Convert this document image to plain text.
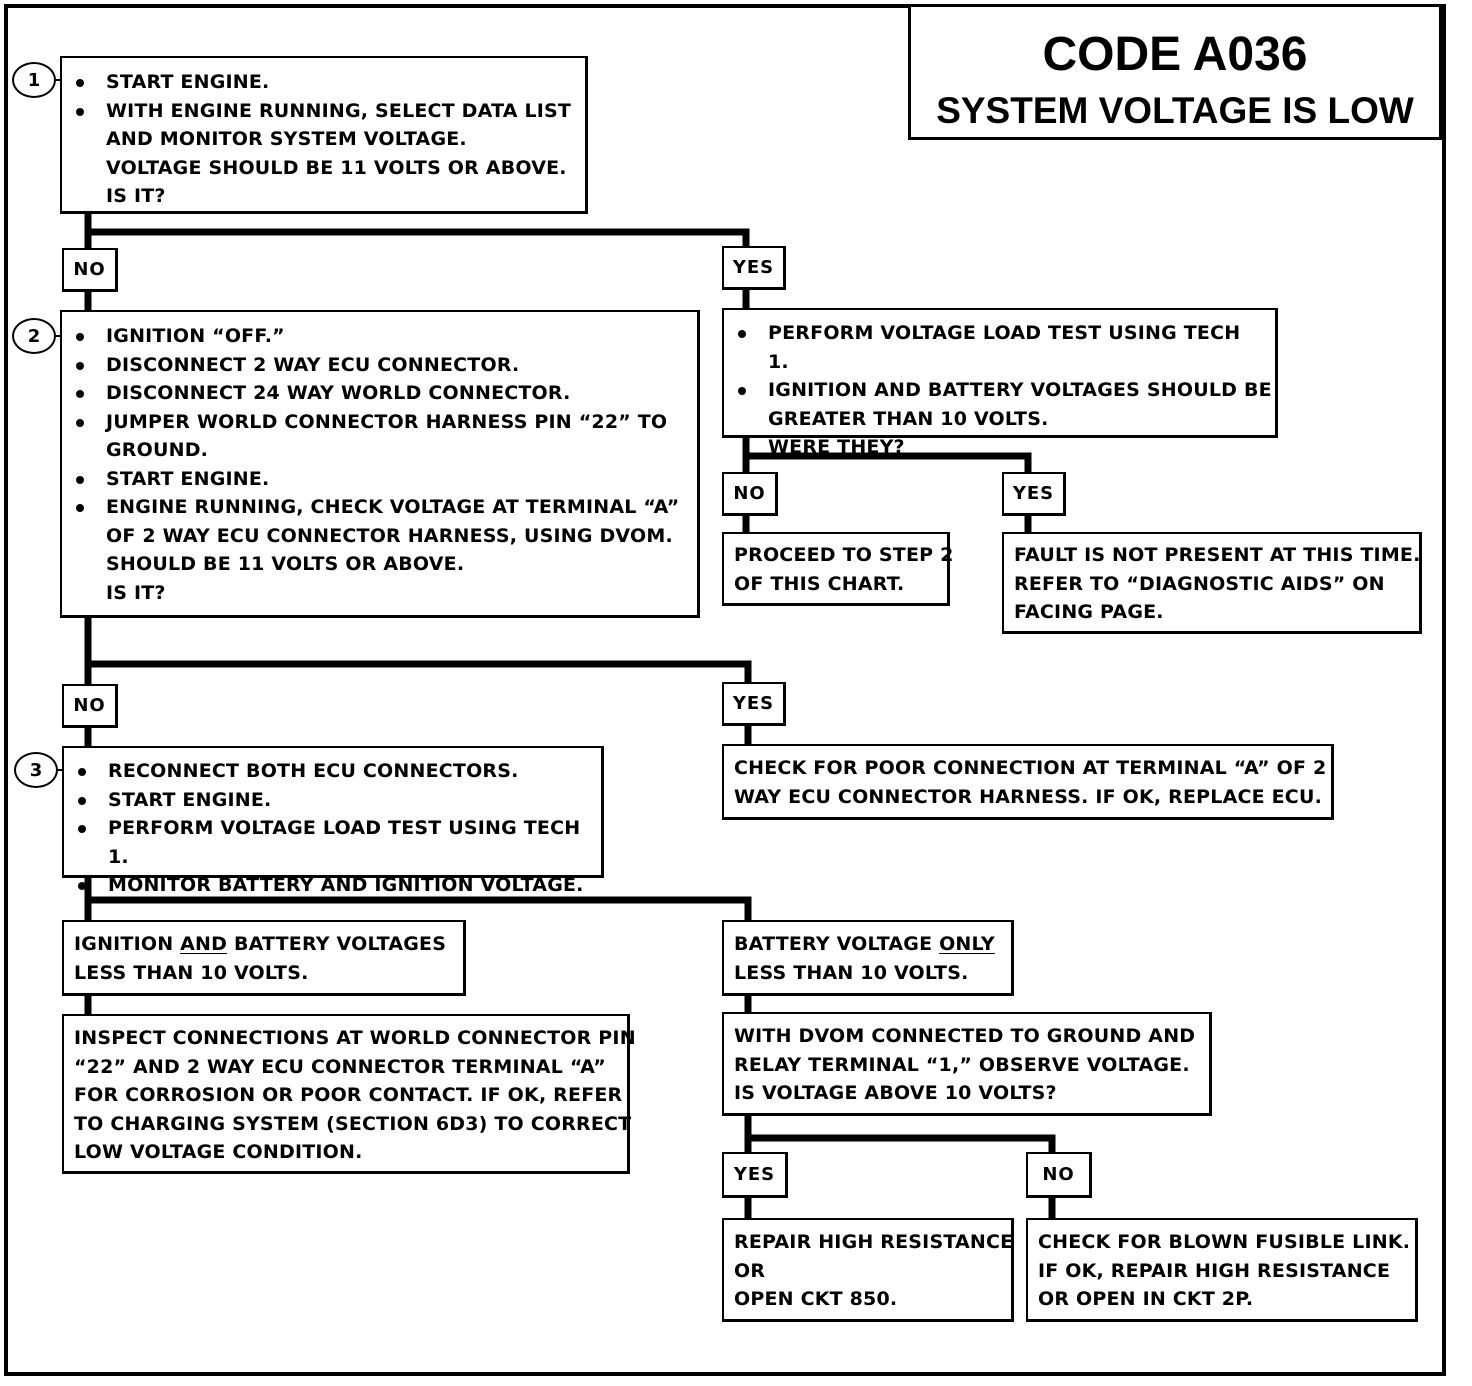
CODE A036
SYSTEM VOLTAGE IS LOW
1
2
3
START ENGINE.
WITH ENGINE RUNNING, SELECT DATA LIST
AND MONITOR SYSTEM VOLTAGE.
VOLTAGE SHOULD BE 11 VOLTS OR ABOVE.
IS IT?
NO	YES
IGNITION “OFF.”
DISCONNECT 2 WAY ECU CONNECTOR.
DISCONNECT 24 WAY WORLD CONNECTOR.
JUMPER WORLD CONNECTOR HARNESS PIN “22” TO
GROUND.
START ENGINE.
ENGINE RUNNING, CHECK VOLTAGE AT TERMINAL “A”
OF 2 WAY ECU CONNECTOR HARNESS, USING DVOM.
SHOULD BE 11 VOLTS OR ABOVE.
IS IT?
PERFORM VOLTAGE LOAD TEST USING TECH 1.
IGNITION AND BATTERY VOLTAGES SHOULD BE
GREATER THAN 10 VOLTS.
WERE THEY?
NO	YES
PROCEED TO STEP 2
OF THIS CHART.
FAULT IS NOT PRESENT AT THIS TIME.
REFER TO “DIAGNOSTIC AIDS” ON
FACING PAGE.
NO	YES
RECONNECT BOTH ECU CONNECTORS.
START ENGINE.
PERFORM VOLTAGE LOAD TEST USING TECH 1.
MONITOR BATTERY AND IGNITION VOLTAGE.
CHECK FOR POOR CONNECTION AT TERMINAL “A” OF 2
WAY ECU CONNECTOR HARNESS. IF OK, REPLACE ECU.
IGNITION AND BATTERY VOLTAGES
LESS THAN 10 VOLTS.
BATTERY VOLTAGE ONLY
LESS THAN 10 VOLTS.
INSPECT CONNECTIONS AT WORLD CONNECTOR PIN
“22” AND 2 WAY ECU CONNECTOR TERMINAL “A”
FOR CORROSION OR POOR CONTACT. IF OK, REFER
TO CHARGING SYSTEM (SECTION 6D3) TO CORRECT
LOW VOLTAGE CONDITION.
WITH DVOM CONNECTED TO GROUND AND
RELAY TERMINAL “1,” OBSERVE VOLTAGE.
IS VOLTAGE ABOVE 10 VOLTS?
YES	NO
REPAIR HIGH RESISTANCE
OR
OPEN CKT 850.
CHECK FOR BLOWN FUSIBLE LINK.
IF OK, REPAIR HIGH RESISTANCE
OR OPEN IN CKT 2P.
